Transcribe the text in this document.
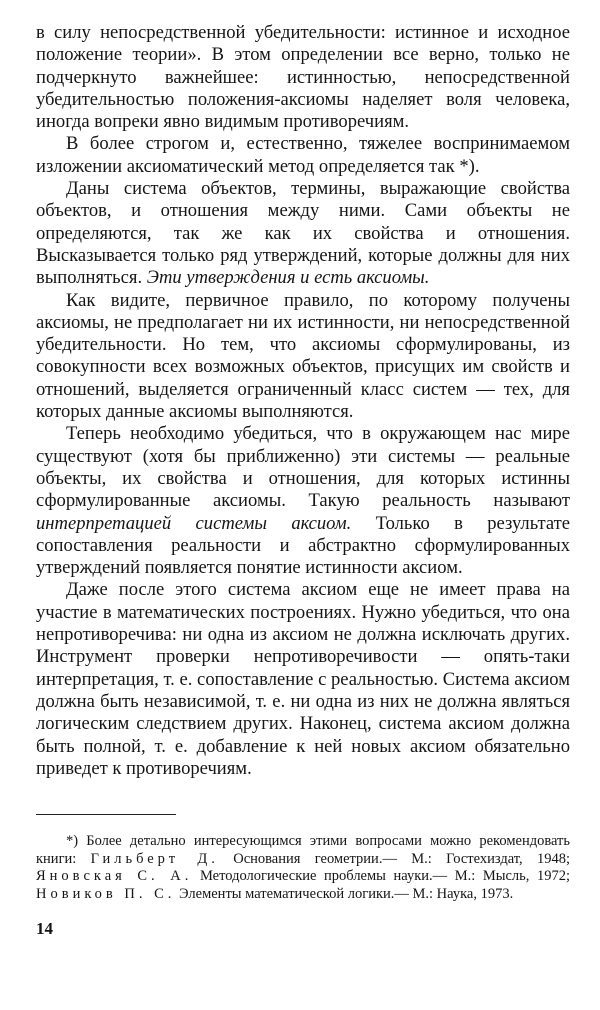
в силу непосредственной убедительности: истинное и исходное положение теории». В этом определении все верно, только не подчеркнуто важнейшее: истинностью, непосредственной убедительностью положения-аксиомы наделяет воля человека, иногда вопреки явно видимым противоречиям.

В более строгом и, естественно, тяжелее воспринимаемом изложении аксиоматический метод определяется так *).

Даны система объектов, термины, выражающие свойства объектов, и отношения между ними. Сами объекты не определяются, так же как их свойства и отношения. Высказывается только ряд утверждений, которые должны для них выполняться. Эти утверждения и есть аксиомы.

Как видите, первичное правило, по которому получены аксиомы, не предполагает ни их истинности, ни непосредственной убедительности. Но тем, что аксиомы сформулированы, из совокупности всех возможных объектов, присущих им свойств и отношений, выделяется ограниченный класс систем — тех, для которых данные аксиомы выполняются.

Теперь необходимо убедиться, что в окружающем нас мире существуют (хотя бы приближенно) эти системы — реальные объекты, их свойства и отношения, для которых истинны сформулированные аксиомы. Такую реальность называют интерпретацией системы аксиом. Только в результате сопоставления реальности и абстрактно сформулированных утверждений появляется понятие истинности аксиом.

Даже после этого система аксиом еще не имеет права на участие в математических построениях. Нужно убедиться, что она непротиворечива: ни одна из аксиом не должна исключать других. Инструмент проверки непротиворечивости — опять-таки интерпретация, т. е. сопоставление с реальностью. Система аксиом должна быть независимой, т. е. ни одна из них не должна являться логическим следствием других. Наконец, система аксиом должна быть полной, т. е. добавление к ней новых аксиом обязательно приведет к противоречиям.

*) Более детально интересующимся этими вопросами можно рекомендовать книги: Гильберт Д. Основания геометрии.— М.: Гостехиздат, 1948; Яновская С. А. Методологические проблемы науки.— М.: Мысль, 1972; Новиков П. С. Элементы математической логики.— М.: Наука, 1973.

14
